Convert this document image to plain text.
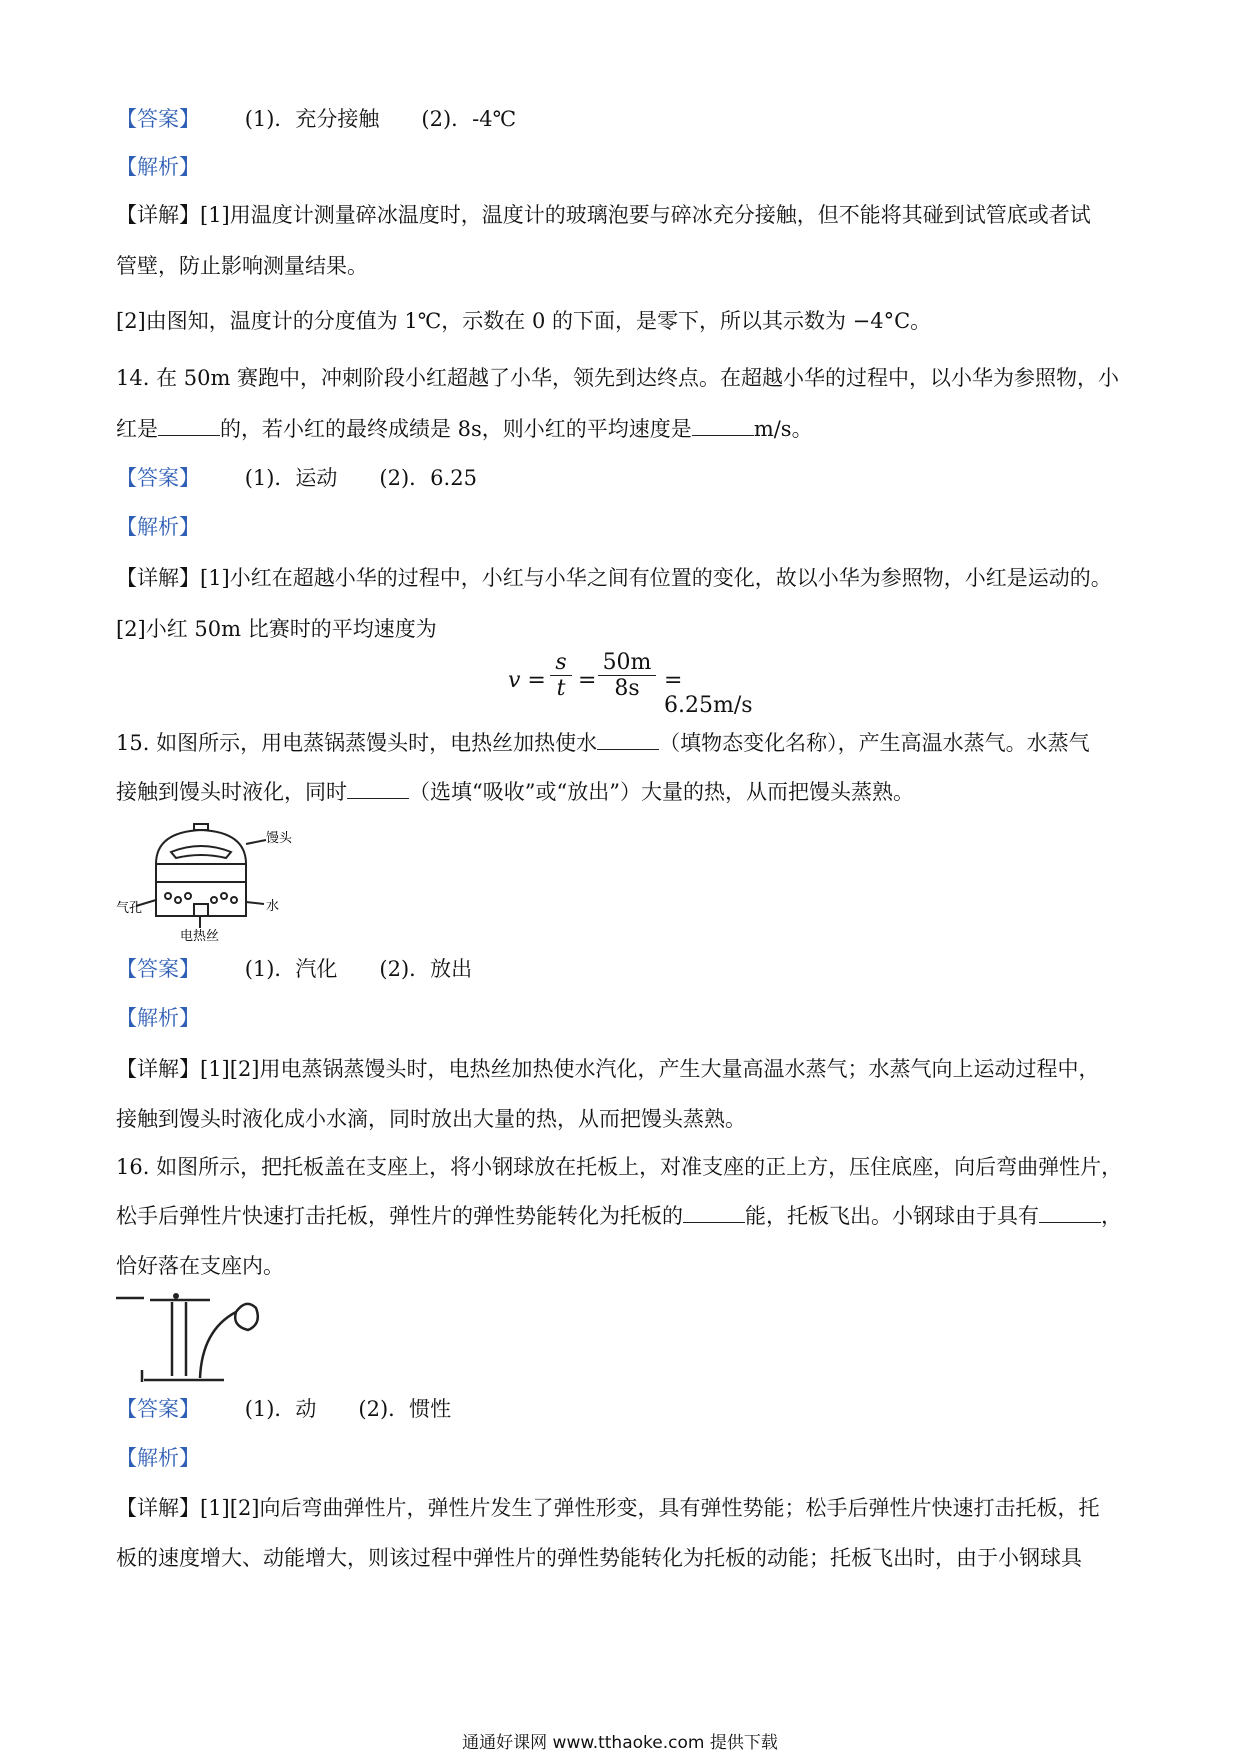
【答案】 (1)．充分接触　　(2)．-4℃
【解析】
【详解】[1]用温度计测量碎冰温度时，温度计的玻璃泡要与碎冰充分接触，但不能将其碰到试管底或者试
管壁，防止影响测量结果。
[2]由图知，温度计的分度值为 1℃，示数在 0 的下面，是零下，所以其示数为 −4°C。
14. 在 50m 赛跑中，冲刺阶段小红超越了小华，领先到达终点。在超越小华的过程中，以小华为参照物，小
红是	的，若小红的最终成绩是 8s，则小红的平均速度是	m/s。
【答案】 (1)．运动　　(2)．6.25
【解析】
【详解】[1]小红在超越小华的过程中，小红与小华之间有位置的变化，故以小华为参照物，小红是运动的。
[2]小红 50m 比赛时的平均速度为
$v = \frac{s}{t} = \frac{50m}{8s} = 6.25m/s$
15. 如图所示，用电蒸锅蒸馒头时，电热丝加热使水	（填物态变化名称），产生高温水蒸气。水蒸气
接触到馒头时液化，同时	（选填“吸收”或“放出”）大量的热，从而把馒头蒸熟。
馒头
气孔	水
电热丝
【答案】 (1)．汽化　　(2)．放出
【解析】
【详解】[1][2]用电蒸锅蒸馒头时，电热丝加热使水汽化，产生大量高温水蒸气；水蒸气向上运动过程中，
接触到馒头时液化成小水滴，同时放出大量的热，从而把馒头蒸熟。
16. 如图所示，把托板盖在支座上，将小钢球放在托板上，对准支座的正上方，压住底座，向后弯曲弹性片，
松手后弹性片快速打击托板，弹性片的弹性势能转化为托板的	能，托板飞出。小钢球由于具有	，
恰好落在支座内。
【答案】 (1)．动　　(2)．惯性
【解析】
【详解】[1][2]向后弯曲弹性片，弹性片发生了弹性形变，具有弹性势能；松手后弹性片快速打击托板，托
板的速度增大、动能增大，则该过程中弹性片的弹性势能转化为托板的动能；托板飞出时，由于小钢球具
通通好课网 www.tthaoke.com 提供下载
